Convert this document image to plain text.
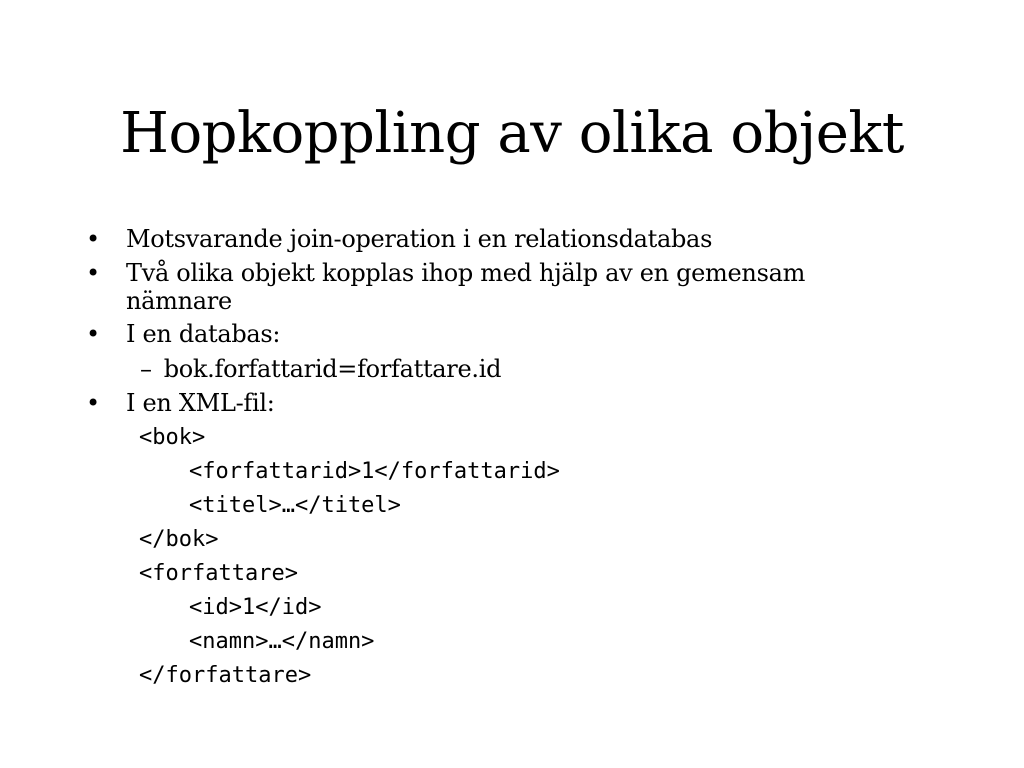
Hopkoppling av olika objekt
• Motsvarande join-operation i en relationsdatabas
• Två olika objekt kopplas ihop med hjälp av en gemensam nämnare
• I en databas:
– bok.forfattarid=forfattare.id
• I en XML-fil:
<bok>
<forfattarid>1</forfattarid>
<titel>…</titel>
</bok>
<forfattare>
<id>1</id>
<namn>…</namn>
</forfattare>
